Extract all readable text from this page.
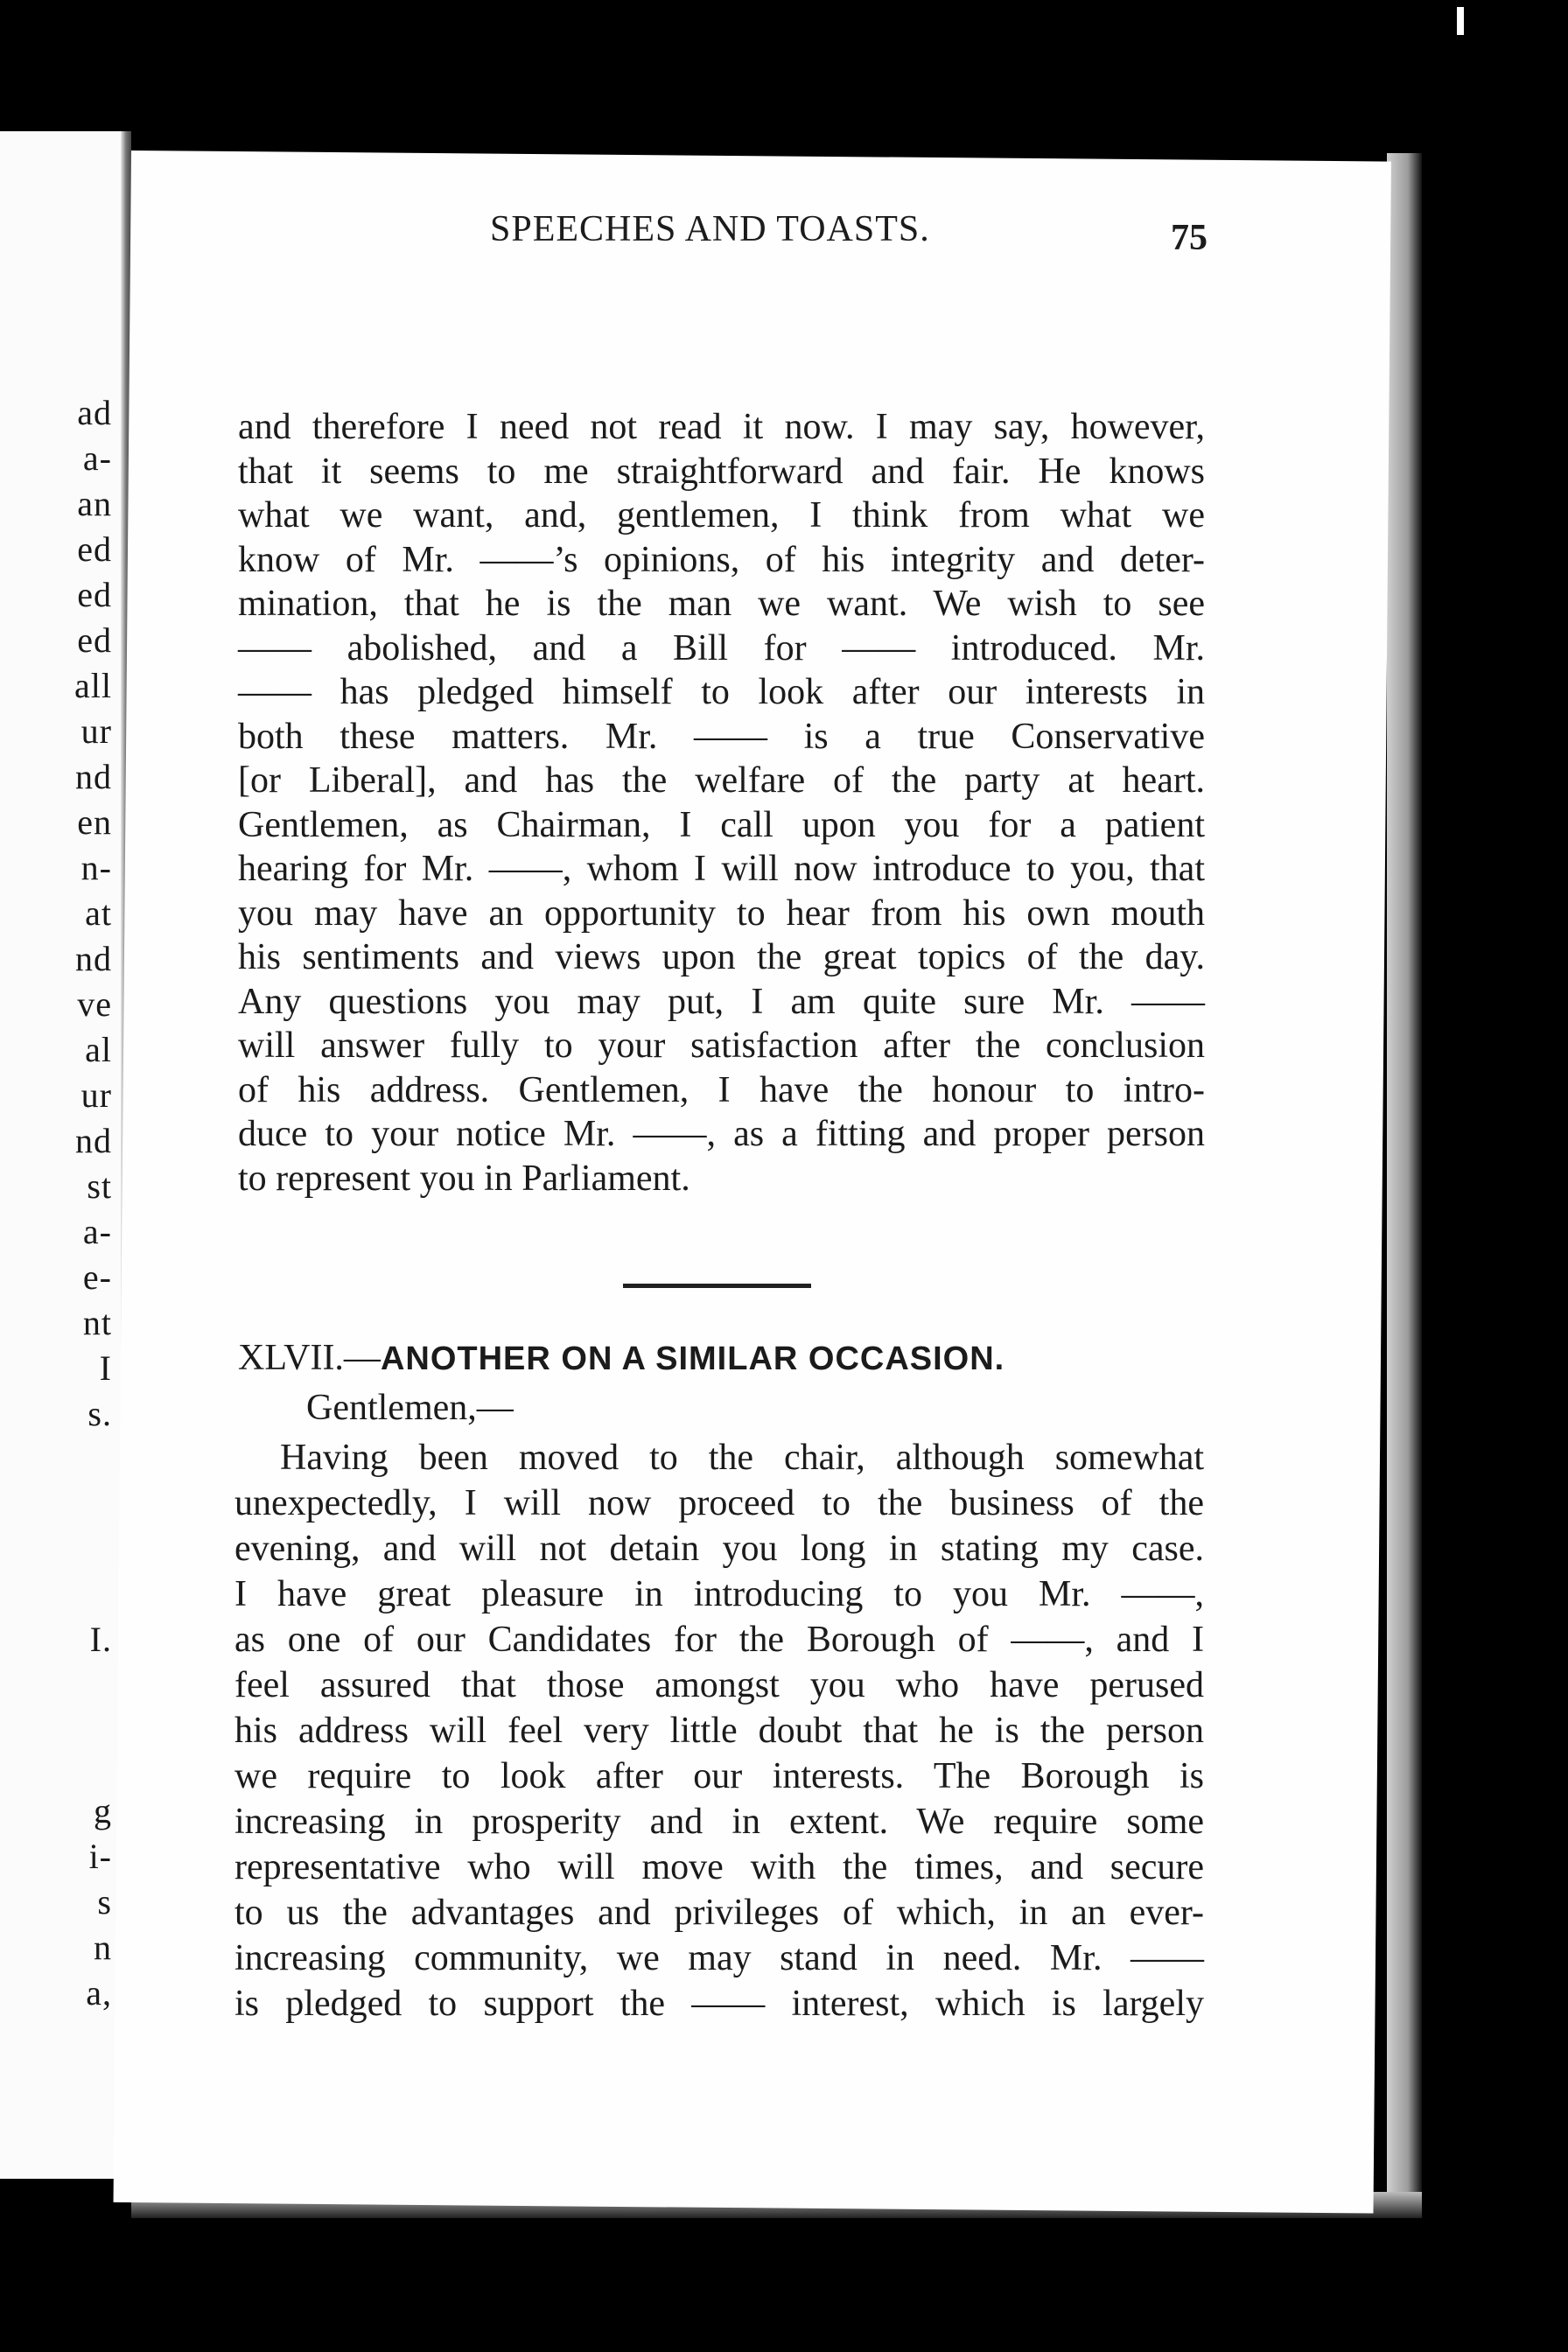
ad
a-
an
ed
ed
ed
all
ur
nd
en
n-
at
nd
ve
al
ur
nd
st
a-
e-
nt
I
s.
I.
g
i-
s
n
a,
SPEECHES AND TOASTS.	75
and therefore I need not read it now. I may say, however,
that it seems to me straightforward and fair. He knows
what we want, and, gentlemen, I think from what we
know of Mr. ——’s opinions, of his integrity and deter-
mination, that he is the man we want. We wish to see
—— abolished, and a Bill for —— introduced. Mr.
—— has pledged himself to look after our interests in
both these matters. Mr. —— is a true Conservative
[or Liberal], and has the welfare of the party at heart.
Gentlemen, as Chairman, I call upon you for a patient
hearing for Mr. ——, whom I will now introduce to you, that
you may have an opportunity to hear from his own mouth
his sentiments and views upon the great topics of the day.
Any questions you may put, I am quite sure Mr. ——
will answer fully to your satisfaction after the conclusion
of his address. Gentlemen, I have the honour to intro-
duce to your notice Mr. ——, as a fitting and proper person
to represent you in Parliament.
XLVII.—ANOTHER ON A SIMILAR OCCASION.
Gentlemen,—
Having been moved to the chair, although somewhat
unexpectedly, I will now proceed to the business of the
evening, and will not detain you long in stating my case.
I have great pleasure in introducing to you Mr. ——,
as one of our Candidates for the Borough of ——, and I
feel assured that those amongst you who have perused
his address will feel very little doubt that he is the person
we require to look after our interests. The Borough is
increasing in prosperity and in extent. We require some
representative who will move with the times, and secure
to us the advantages and privileges of which, in an ever-
increasing community, we may stand in need. Mr. ——
is pledged to support the —— interest, which is largely
